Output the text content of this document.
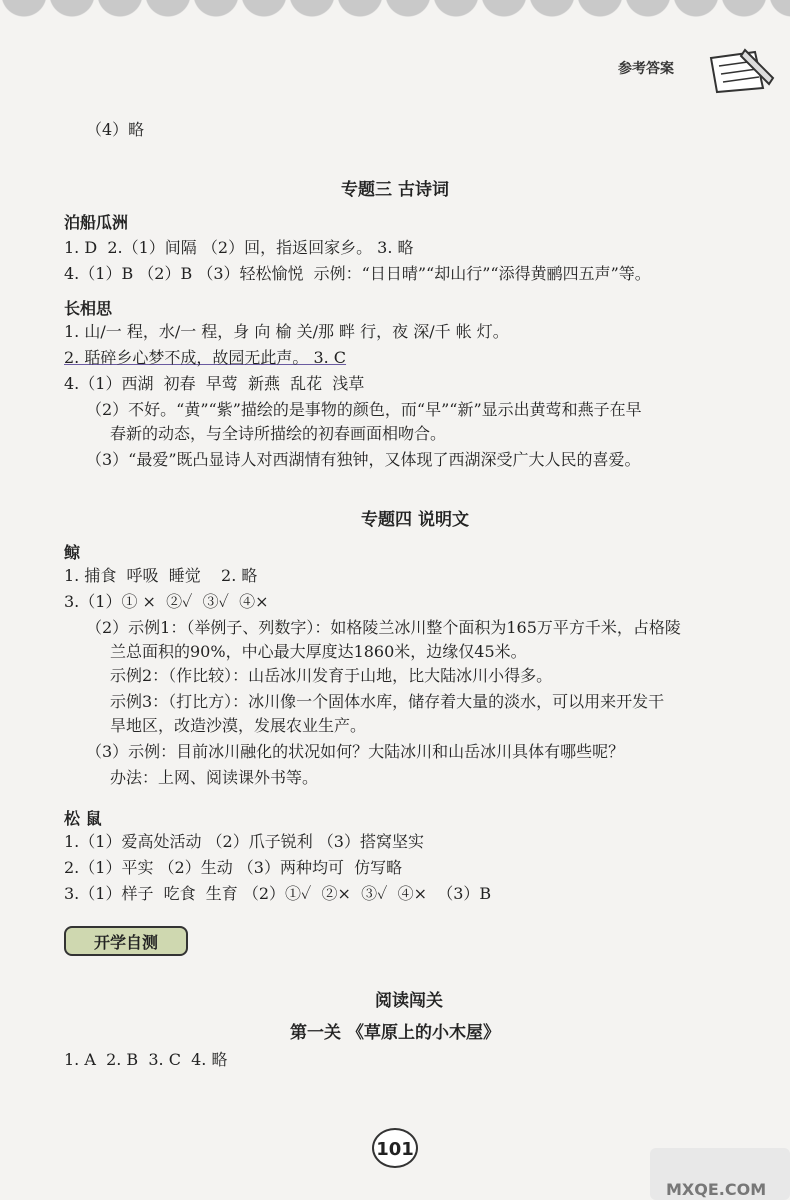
参考答案
（4）略
专题三 古诗词
泊船瓜洲
1. D  2.（1）间隔 （2）回，指返回家乡。 3. 略
4.（1）B （2）B （3）轻松愉悦  示例：“日日晴”“却山行”“添得黄鹂四五声”等。
长相思
1. 山/一 程，水/一 程，身 向 榆 关/那 畔 行，夜 深/千 帐 灯。
2. 聒碎乡心梦不成，故园无此声。 3. C
4.（1）西湖  初春  早莺  新燕  乱花  浅草
（2）不好。“黄”“紫”描绘的是事物的颜色，而“早”“新”显示出黄莺和燕子在早
春新的动态，与全诗所描绘的初春画面相吻合。
（3）“最爱”既凸显诗人对西湖情有独钟，又体现了西湖深受广大人民的喜爱。
专题四 说明文
鲸
1. 捕食  呼吸  睡觉    2. 略
3.（1）① ×  ②✓  ③✓  ④×
（2）示例1：（举例子、列数字）：如格陵兰冰川整个面积为165万平方千米，占格陵
兰总面积的90%，中心最大厚度达1860米，边缘仅45米。
示例2：（作比较）：山岳冰川发育于山地，比大陆冰川小得多。
示例3：（打比方）：冰川像一个固体水库，储存着大量的淡水，可以用来开发干
旱地区，改造沙漠，发展农业生产。
（3）示例：目前冰川融化的状况如何？大陆冰川和山岳冰川具体有哪些呢？
办法：上网、阅读课外书等。
松 鼠
1.（1）爱高处活动 （2）爪子锐利 （3）搭窝坚实
2.（1）平实 （2）生动 （3）两种均可  仿写略
3.（1）样子  吃食  生育 （2）①✓  ②×  ③✓  ④×  （3）B
开学自测
阅读闯关
第一关 《草原上的小木屋》
1. A  2. B  3. C  4. 略
101
MXQE.COM
